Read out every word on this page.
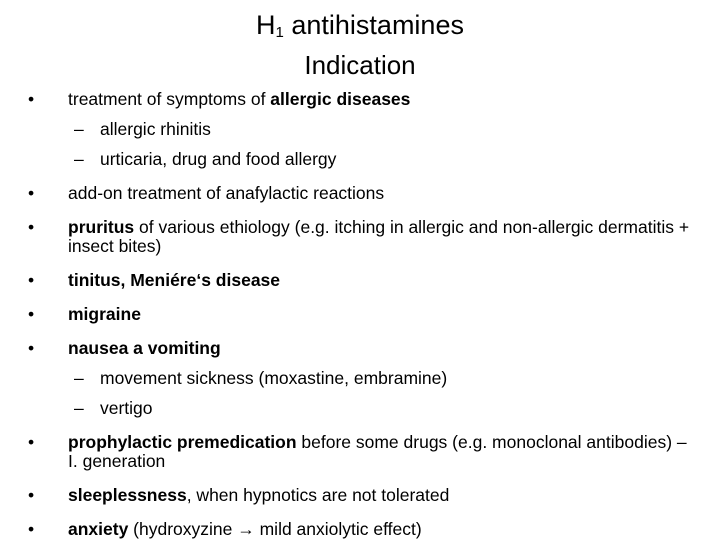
$H_1$ antihistamines
Indication
•	treatment of symptoms of allergic diseases
– allergic rhinitis
– urticaria, drug and food allergy
•	add-on treatment of anafylactic reactions
•	pruritus of various ethiology (e.g. itching in allergic and non-allergic dermatitis + insect bites)
•	tinitus, Meniére‘s disease
•	migraine
•	nausea a vomiting
– movement sickness (moxastine, embramine)
– vertigo
•	prophylactic premedication before some drugs (e.g. monoclonal antibodies) – I. generation
•	sleeplessness, when hypnotics are not tolerated
•	anxiety (hydroxyzine → mild anxiolytic effect)
